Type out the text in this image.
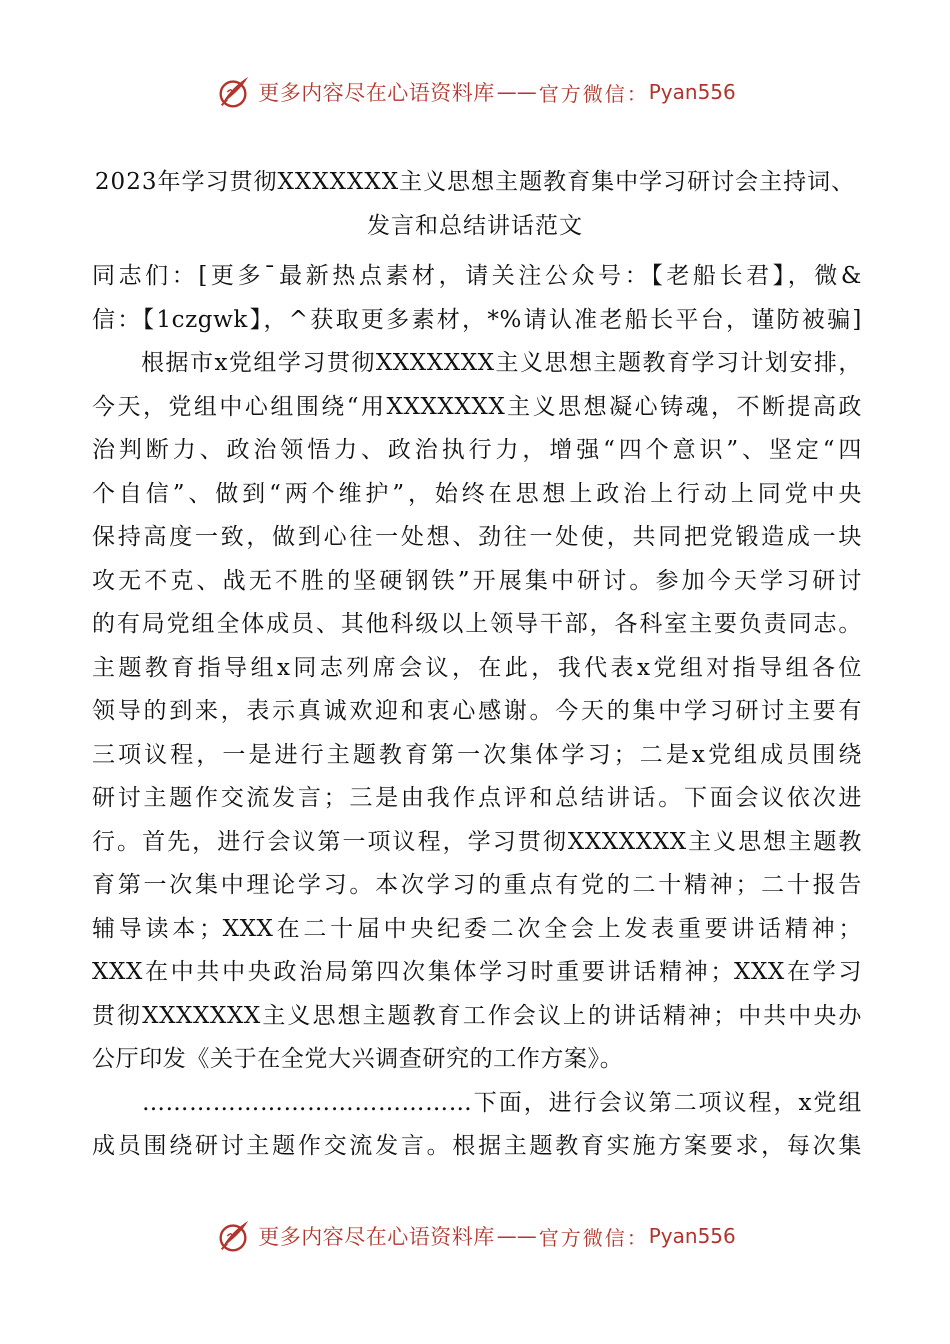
更多内容尽在心语资料库 —— 官方微信： Pyan556
2023年学习贯彻XXXXXXX主义思想主题教育集中学习研讨会主持词、
发言和总结讲话范文
同志们：[更多¯最新热点素材，请关注公众号：【老船长君】，微&
信：【1czgwk】，^获取更多素材，*%请认准老船长平台，谨防被骗]
　　根据市x党组学习贯彻XXXXXXX主义思想主题教育学习计划安排，
今天，党组中心组围绕“用XXXXXXX主义思想凝心铸魂，不断提高政
治判断力、政治领悟力、政治执行力，增强“四个意识”、坚定“四
个自信”、做到“两个维护”，始终在思想上政治上行动上同党中央
保持高度一致，做到心往一处想、劲往一处使，共同把党锻造成一块
攻无不克、战无不胜的坚硬钢铁”开展集中研讨。参加今天学习研讨
的有局党组全体成员、其他科级以上领导干部，各科室主要负责同志。
主题教育指导组x同志列席会议，在此，我代表x党组对指导组各位
领导的到来，表示真诚欢迎和衷心感谢。今天的集中学习研讨主要有
三项议程，一是进行主题教育第一次集体学习；二是x党组成员围绕
研讨主题作交流发言；三是由我作点评和总结讲话。下面会议依次进
行。首先，进行会议第一项议程，学习贯彻XXXXXXX主义思想主题教
育第一次集中理论学习。本次学习的重点有党的二十精神；二十报告
辅导读本；XXX在二十届中央纪委二次全会上发表重要讲话精神；
XXX在中共中央政治局第四次集体学习时重要讲话精神；XXX在学习
贯彻XXXXXXX主义思想主题教育工作会议上的讲话精神；中共中央办
公厅印发《关于在全党大兴调查研究的工作方案》。
　　……………………………………下面，进行会议第二项议程，x党组
成员围绕研讨主题作交流发言。根据主题教育实施方案要求，每次集
更多内容尽在心语资料库 —— 官方微信： Pyan556
